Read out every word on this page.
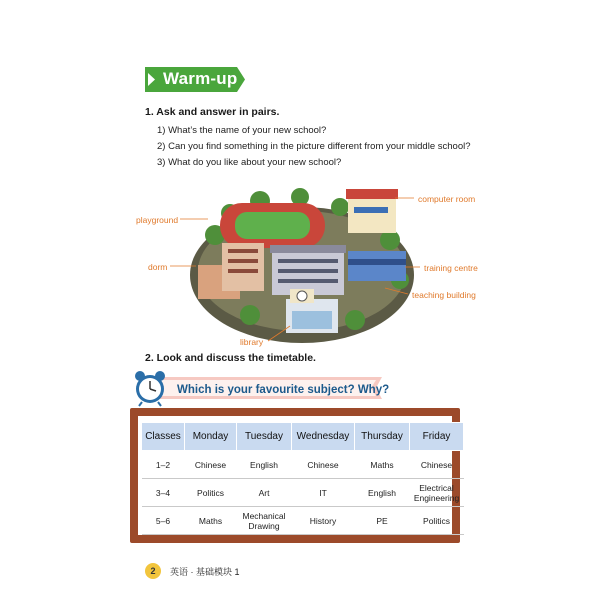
Warm-up
1. Ask and answer in pairs.
1) What’s the name of your new school?
2) Can you find something in the picture different from your middle school?
3) What do you like about your new school?
playground
dorm
library
computer room
training centre
teaching building
2. Look and discuss the timetable.
Which is your favourite subject? Why?
Classes	Monday	Tuesday	Wednesday	Thursday	Friday
1–2	Chinese	English	Chinese	Maths	Chinese
3–4	Politics	Art	IT	English	Electrical Engineering
5–6	Maths	Mechanical Drawing	History	PE	Politics
2	英语 · 基础模块 1
